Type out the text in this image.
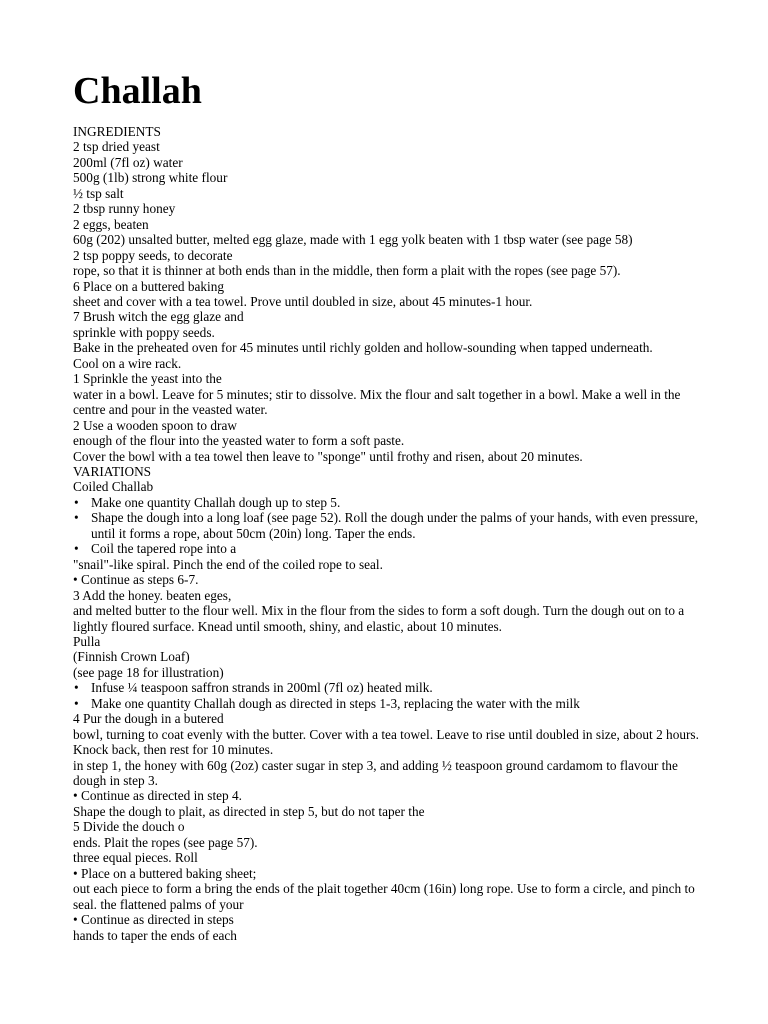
Challah
INGREDIENTS
2 tsp dried yeast
200ml (7fl oz) water
500g (1lb) strong white flour
½ tsp salt
2 tbsp runny honey
2 eggs, beaten
60g (202) unsalted butter, melted egg glaze, made with 1 egg yolk beaten with 1 tbsp water (see page 58)
2 tsp poppy seeds, to decorate
rope, so that it is thinner at both ends than in the middle, then form a plait with the ropes (see page 57).
6 Place on a buttered baking
sheet and cover with a tea towel. Prove until doubled in size, about 45 minutes-1 hour.
7 Brush witch the egg glaze and
sprinkle with poppy seeds.
Bake in the preheated oven for 45 minutes until richly golden and hollow-sounding when tapped underneath.
Cool on a wire rack.
1 Sprinkle the yeast into the
water in a bowl. Leave for 5 minutes; stir to dissolve. Mix the flour and salt together in a bowl. Make a well in the centre and pour in the veasted water.
2 Use a wooden spoon to draw
enough of the flour into the yeasted water to form a soft paste.
Cover the bowl with a tea towel then leave to "sponge" until frothy and risen, about 20 minutes.
VARIATIONS
Coiled Challab
• Make one quantity Challah dough up to step 5.
• Shape the dough into a long loaf (see page 52). Roll the dough under the palms of your hands, with even pressure, until it forms a rope, about 50cm (20in) long. Taper the ends.
• Coil the tapered rope into a
"snail"-like spiral. Pinch the end of the coiled rope to seal.
• Continue as steps 6-7.
3 Add the honey. beaten eges,
and melted butter to the flour well. Mix in the flour from the sides to form a soft dough. Turn the dough out on to a lightly floured surface. Knead until smooth, shiny, and elastic, about 10 minutes.
Pulla
(Finnish Crown Loaf)
(see page 18 for illustration)
• Infuse ¼ teaspoon saffron strands in 200ml (7fl oz) heated milk.
• Make one quantity Challah dough as directed in steps 1-3, replacing the water with the milk
4 Pur the dough in a butered
bowl, turning to coat evenly with the butter. Cover with a tea towel. Leave to rise until doubled in size, about 2 hours. Knock back, then rest for 10 minutes.
in step 1, the honey with 60g (2oz) caster sugar in step 3, and adding ½ teaspoon ground cardamom to flavour the dough in step 3.
• Continue as directed in step 4.
Shape the dough to plait, as directed in step 5, but do not taper the
5 Divide the douch o
ends. Plait the ropes (see page 57).
three equal pieces. Roll
• Place on a buttered baking sheet;
out each piece to form a bring the ends of the plait together 40cm (16in) long rope. Use to form a circle, and pinch to seal. the flattened palms of your
• Continue as directed in steps
hands to taper the ends of each
